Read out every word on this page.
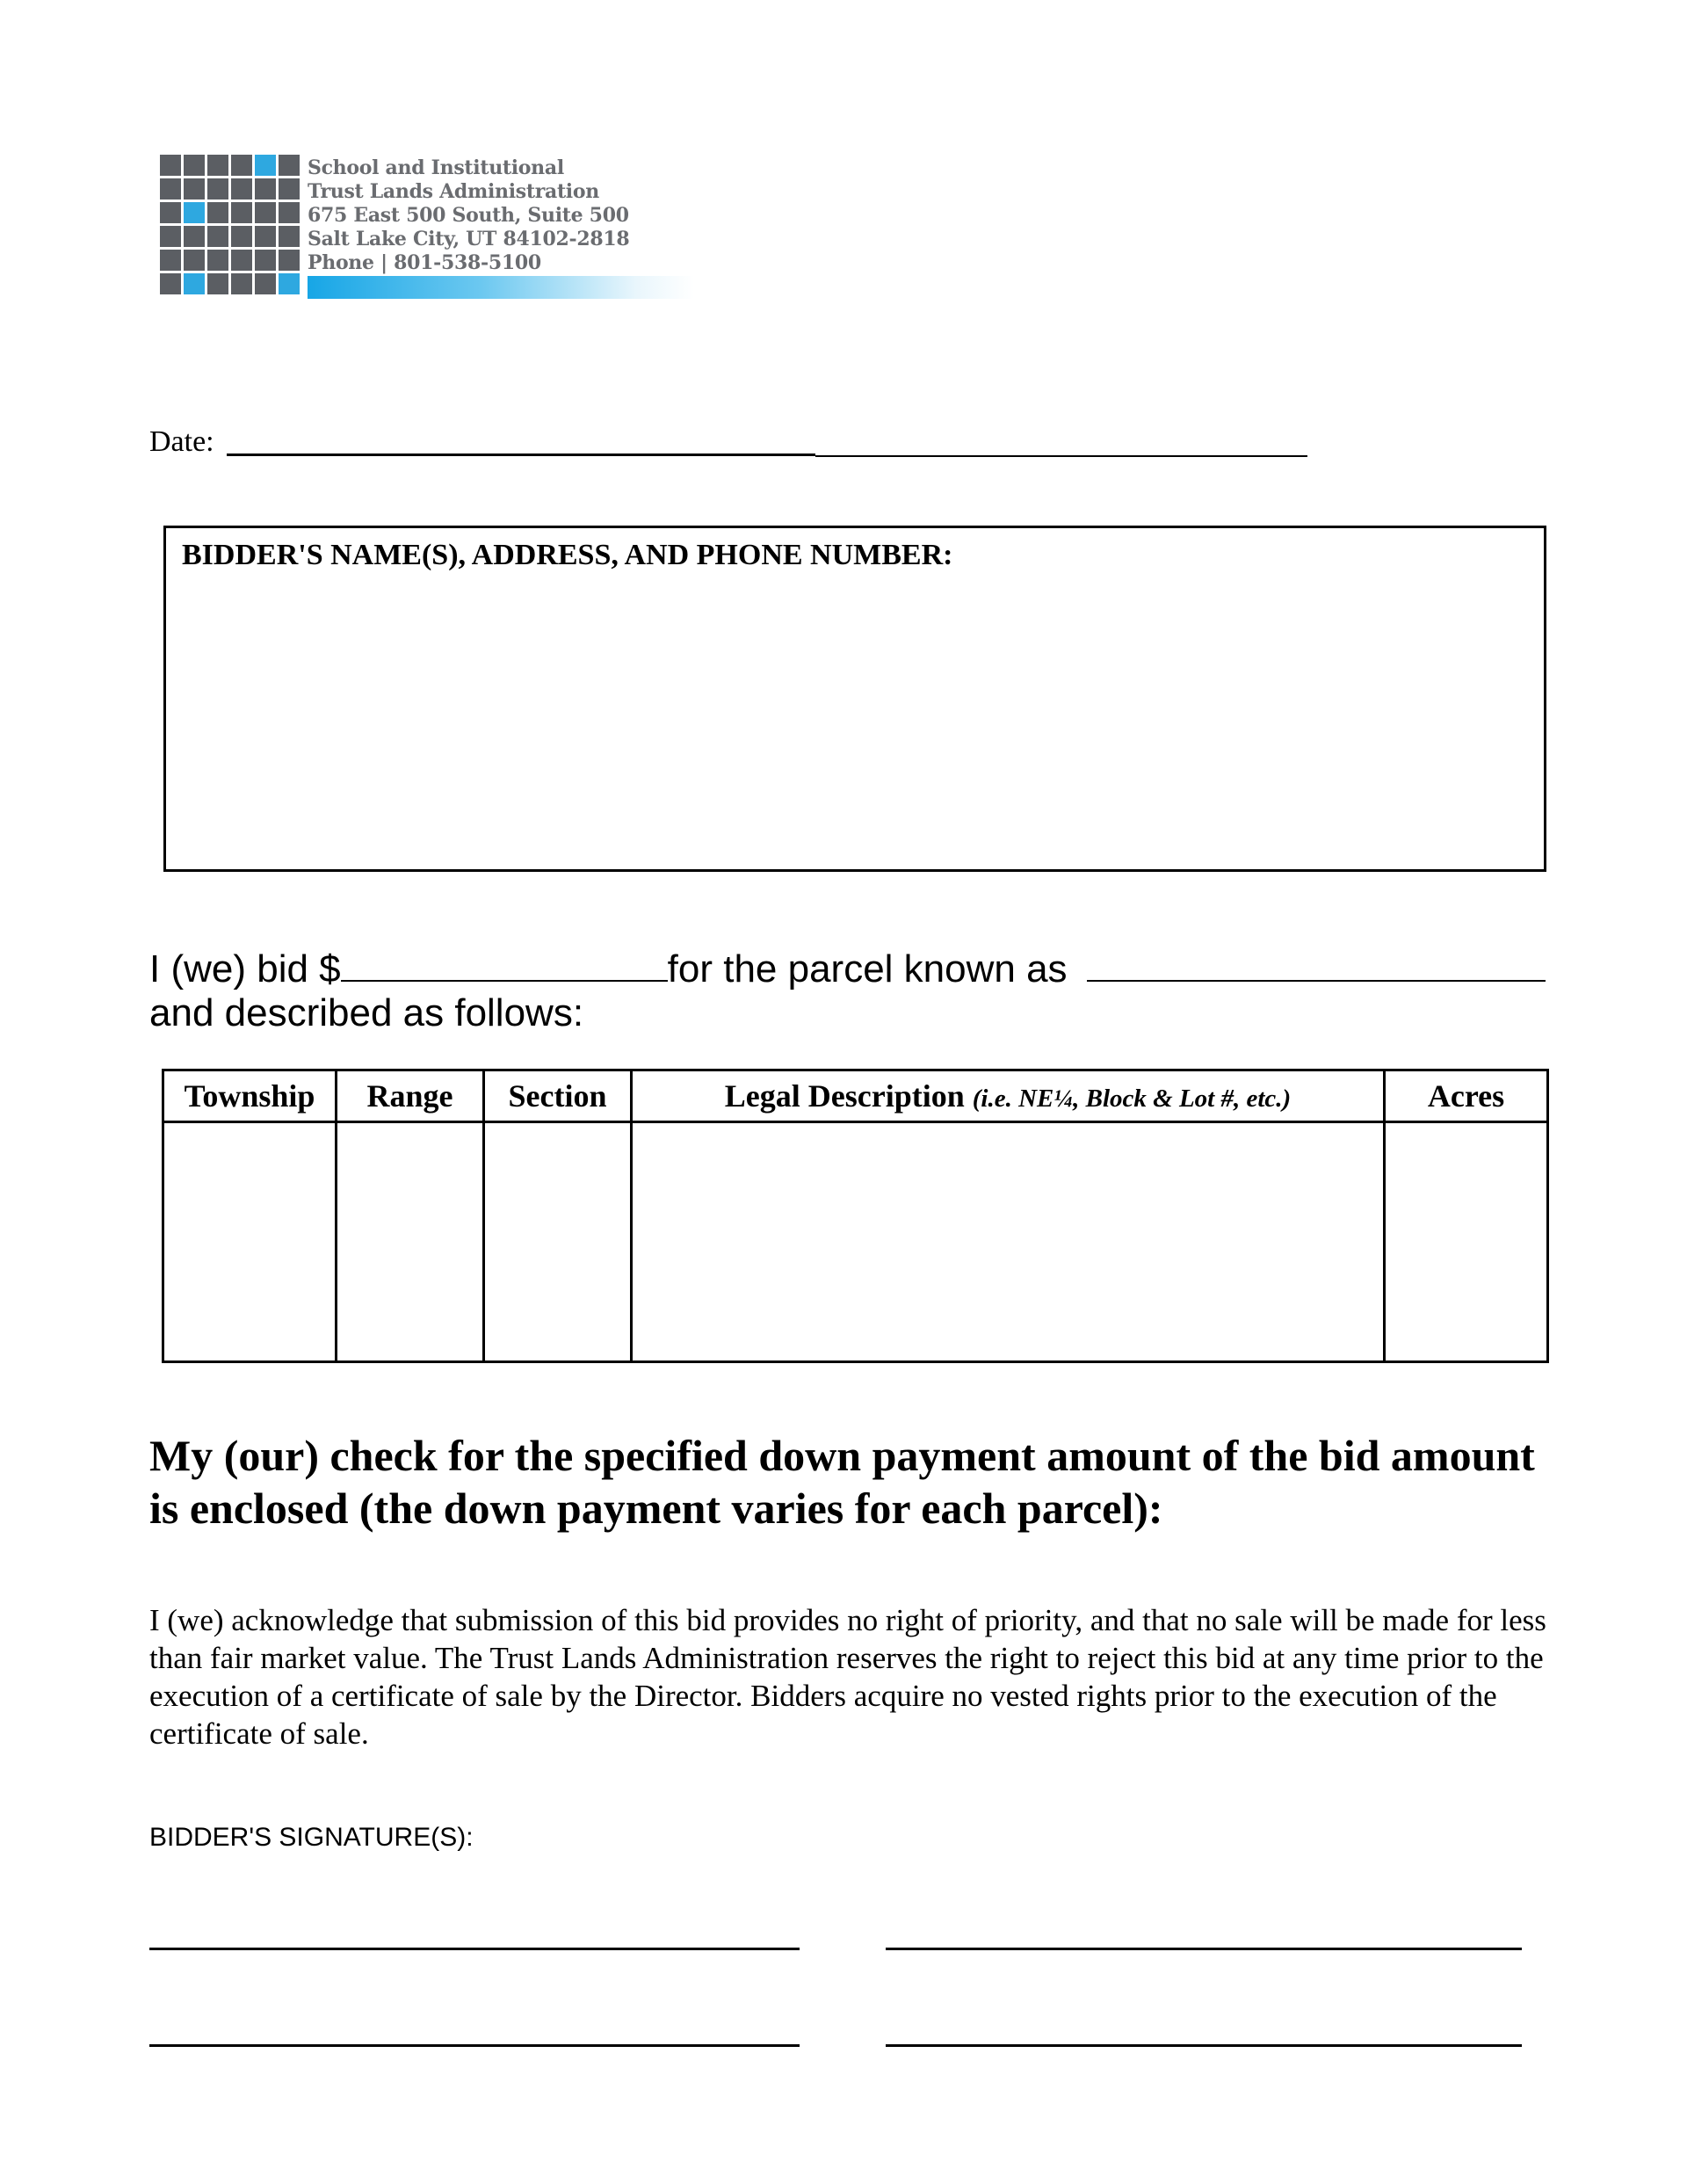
School and Institutional
Trust Lands Administration
675 East 500 South, Suite 500
Salt Lake City, UT 84102-2818
Phone | 801-538-5100
Date:
BIDDER'S NAME(S), ADDRESS, AND PHONE NUMBER:
I (we) bid $	for the parcel known as
and described as follows:
Township	Range	Section	Legal Description (i.e. NE¼, Block & Lot #, etc.)	Acres

My (our) check for the specified down payment amount of the bid amount is enclosed (the down payment varies for each parcel):
I (we) acknowledge that submission of this bid provides no right of priority, and that no sale will be made for less than fair market value. The Trust Lands Administration reserves the right to reject this bid at any time prior to the execution of a certificate of sale by the Director. Bidders acquire no vested rights prior to the execution of the certificate of sale.
BIDDER'S SIGNATURE(S):
